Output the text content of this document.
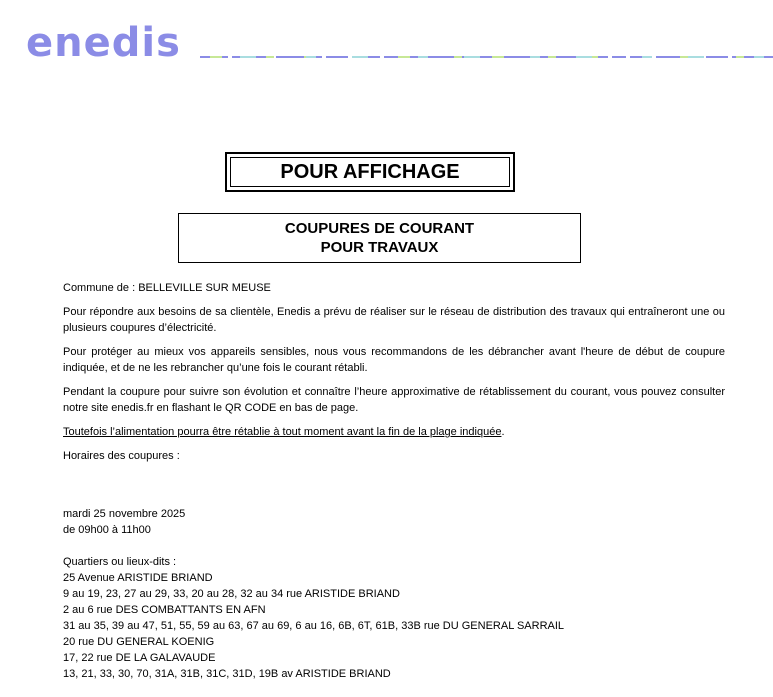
enedis
POUR AFFICHAGE
COUPURES DE COURANT
POUR TRAVAUX

Commune de : BELLEVILLE SUR MEUSE

Pour répondre aux besoins de sa clientèle, Enedis a prévu de réaliser sur le réseau de distribution des travaux qui entraîneront une ou plusieurs coupures d’électricité.

Pour protéger au mieux vos appareils sensibles, nous vous recommandons de les débrancher avant l'heure de début de coupure indiquée, et de ne les rebrancher qu’une fois le courant rétabli.

Pendant la coupure pour suivre son évolution et connaître l’heure approximative de rétablissement du courant, vous pouvez consulter notre site enedis.fr en flashant le QR CODE en bas de page.

Toutefois l’alimentation pourra être rétablie à tout moment avant la fin de la plage indiquée.

Horaires des coupures :

mardi 25 novembre 2025
de 09h00 à 11h00
Quartiers ou lieux-dits :
25 Avenue ARISTIDE BRIAND
9 au 19, 23, 27 au 29, 33, 20 au 28, 32 au 34 rue ARISTIDE BRIAND
2 au 6 rue DES COMBATTANTS EN AFN
31 au 35, 39 au 47, 51, 55, 59 au 63, 67 au 69, 6 au 16, 6B, 6T, 61B, 33B rue DU GENERAL SARRAIL
20 rue DU GENERAL KOENIG
17, 22 rue DE LA GALAVAUDE
13, 21, 33, 30, 70, 31A, 31B, 31C, 31D, 19B av ARISTIDE BRIAND
